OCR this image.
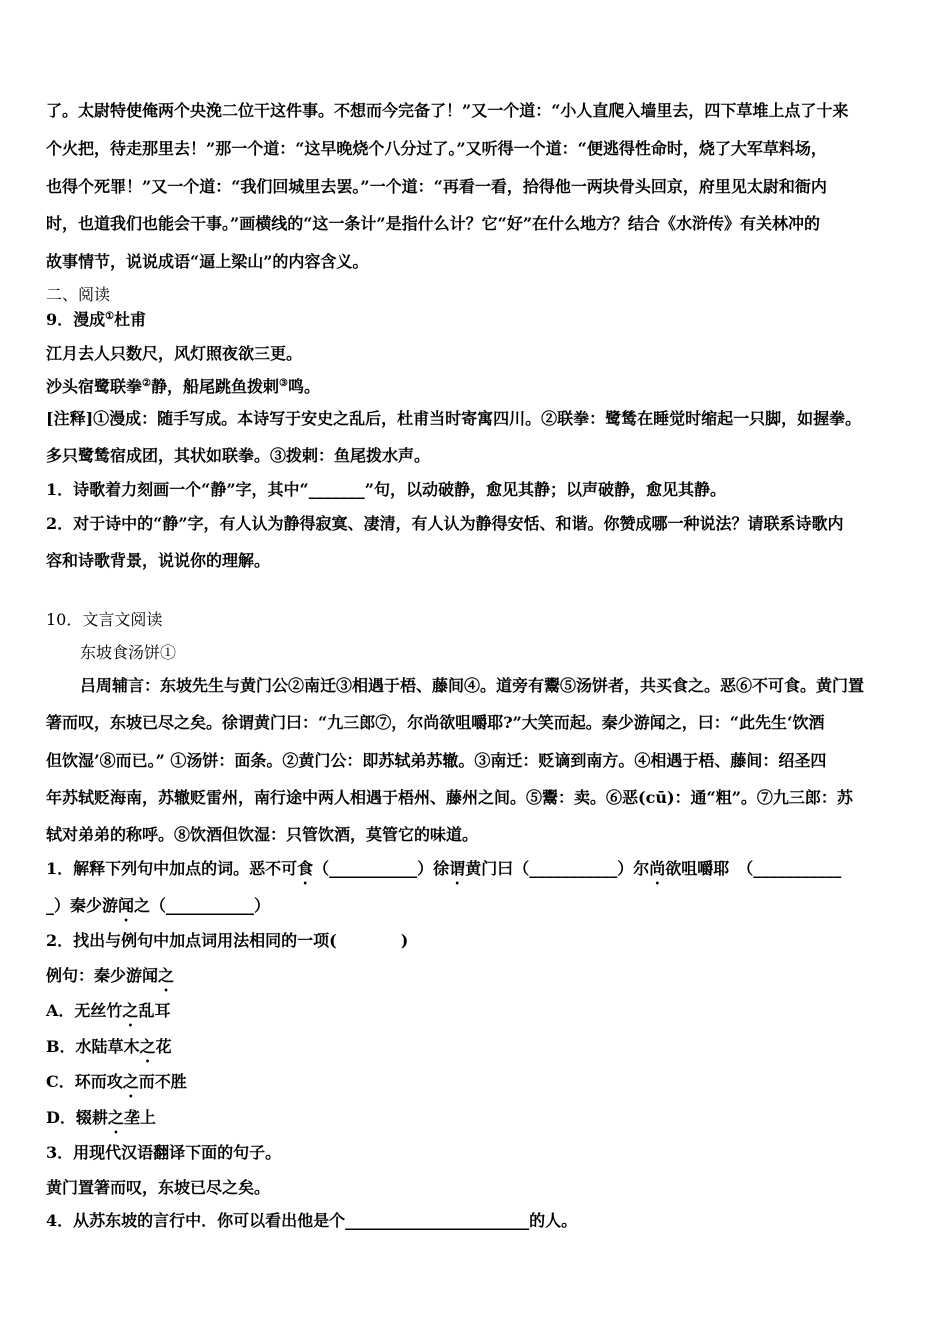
了。太尉特使俺两个央浼二位干这件事。不想而今完备了！”又一个道：“小人直爬入墙里去，四下草堆上点了十来
个火把，待走那里去！”那一个道：“这早晚烧个八分过了。”又听得一个道：“便逃得性命时，烧了大军草料场，
也得个死罪！”又一个道：“我们回城里去罢。”一个道：“再看一看，拾得他一两块骨头回京，府里见太尉和衙内
时，也道我们也能会干事。”画横线的“这一条计”是指什么计？它“好”在什么地方？结合《水浒传》有关林冲的
故事情节，说说成语“逼上梁山”的内容含义。
二、阅读
9．漫成①杜甫
江月去人只数尺，风灯照夜欲三更。
沙头宿鹭联拳②静，船尾跳鱼拨剌③鸣。
[注释]①漫成：随手写成。本诗写于安史之乱后，杜甫当时寄寓四川。②联拳：鹭鸶在睡觉时缩起一只脚，如握拳。
多只鹭鸶宿成团，其状如联拳。③拨剌：鱼尾拨水声。
1．诗歌着力刻画一个“静”字，其中“_______”句，以动破静，愈见其静；以声破静，愈见其静。
2．对于诗中的“静”字，有人认为静得寂寞、凄清，有人认为静得安恬、和谐。你赞成哪一种说法？请联系诗歌内
容和诗歌背景，说说你的理解。
10．文言文阅读
东坡食汤饼①
吕周辅言：东坡先生与黄门公②南迁③相遇于梧、藤间④。道旁有鬻⑤汤饼者，共买食之。恶⑥不可食。黄门置
箸而叹，东坡已尽之矣。徐谓黄门曰：“九三郎⑦，尔尚欲咀嚼耶?”大笑而起。秦少游闻之，曰：“此先生‘饮酒
但饮湿’⑧而已。” ①汤饼：面条。②黄门公：即苏轼弟苏辙。③南迁：贬谪到南方。④相遇于梧、藤间：绍圣四
年苏轼贬海南，苏辙贬雷州，南行途中两人相遇于梧州、藤州之间。⑤鬻：卖。⑥恶(cū)：通“粗”。⑦九三郎：苏
轼对弟弟的称呼。⑧饮酒但饮湿：只管饮酒，莫管它的味道。
1．解释下列句中加点的词。恶不可食（___________）徐谓黄门曰（___________）尔尚欲咀嚼耶　（___________
_）秦少游闻之（___________）
2．找出与例句中加点词用法相同的一项(　　　　)
例句：秦少游闻之
A．无丝竹之乱耳
B．水陆草木之花
C．环而攻之而不胜
D．辍耕之垄上
3．用现代汉语翻译下面的句子。
黄门置箸而叹，东坡已尽之矣。
4．从苏东坡的言行中．你可以看出他是个_______________________的人。
